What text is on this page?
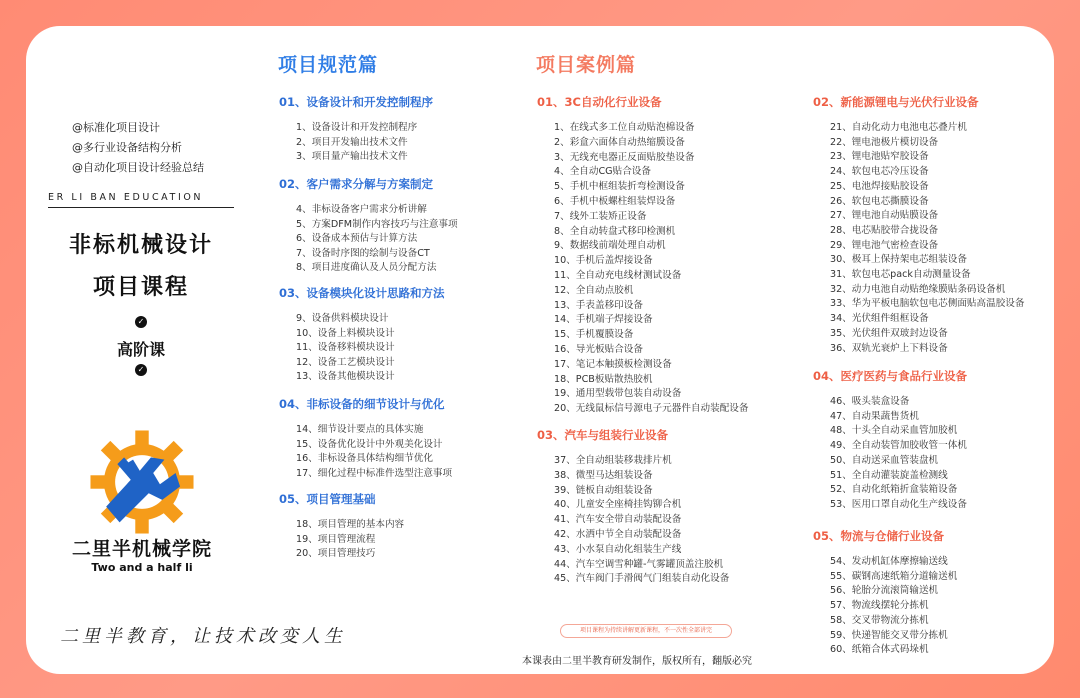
@标准化项目设计
@多行业设备结构分析
@自动化项目设计经验总结
ER LI BAN EDUCATION
非标机械设计
项目课程
✓
高阶课
✓
二里半机械学院
Two and a half li
二里半教育，让技术改变人生
项目规范篇	项目案例篇
01、设备设计和开发控制程序
1、设备设计和开发控制程序
2、项目开发输出技术文件
3、项目量产输出技术文件
02、客户需求分解与方案制定
4、非标设备客户需求分析讲解
5、方案DFM制作内容技巧与注意事项
6、设备成本预估与计算方法
7、设备时序图的绘制与设备CT
8、项目进度确认及人员分配方法
03、设备模块化设计思路和方法
9、设备供料模块设计
10、设备上料模块设计
11、设备移料模块设计
12、设备工艺模块设计
13、设备其他模块设计
04、非标设备的细节设计与优化
14、细节设计要点的具体实施
15、设备优化设计中外观美化设计
16、非标设备具体结构细节优化
17、细化过程中标准件选型注意事项
05、项目管理基础
18、项目管理的基本内容
19、项目管理流程
20、项目管理技巧
01、3C自动化行业设备
1、在线式多工位自动贴泡棉设备
2、彩盒六面体自动热缩膜设备
3、无线充电器正反面贴胶垫设备
4、全自动CG贴合设备
5、手机中框组装折弯检测设备
6、手机中板螺柱组装焊设备
7、线外工装矫正设备
8、全自动转盘式移印检测机
9、数据线前端处理自动机
10、手机后盖焊接设备
11、全自动充电线材测试设备
12、全自动点胶机
13、手表盖移印设备
14、手机端子焊接设备
15、手机覆膜设备
16、导光板贴合设备
17、笔记本触摸板检测设备
18、PCB板贴散热胶机
19、通用型载带包装自动设备
20、无线鼠标信号源电子元器件自动装配设备
03、汽车与组装行业设备
37、全自动组装移栽排片机
38、微型马达组装设备
39、链板自动组装设备
40、儿童安全座椅挂钩铆合机
41、汽车安全带自动装配设备
42、水洒中节全自动装配设备
43、小水泵自动化组装生产线
44、汽车空调雪种罐-气雾罐顶盖注胶机
45、汽车阀门手滑阀气门组装自动化设备
02、新能源锂电与光伏行业设备
21、自动化动力电池电芯叠片机
22、锂电池极片模切设备
23、锂电池贴窄胶设备
24、软包电芯冷压设备
25、电池焊接贴胶设备
26、软包电芯撕膜设备
27、锂电池自动贴膜设备
28、电芯贴胶带合拢设备
29、锂电池气密检查设备
30、极耳上保持架电芯组装设备
31、软包电芯pack自动测量设备
32、动力电池自动贴绝缘膜贴条码设备机
33、华为平板电脑软包电芯侧面贴高温胶设备
34、光伏组件组框设备
35、光伏组件双玻封边设备
36、双轨光衰炉上下料设备
04、医疗医药与食品行业设备
46、吸头装盒设备
47、自动果蔬售货机
48、十头全自动采血管加胶机
49、全自动装管加胶收管一体机
50、自动送采血管装盘机
51、全自动灌装旋盖检测线
52、自动化纸箱折盒装箱设备
53、医用口罩自动化生产线设备
05、物流与仓储行业设备
54、发动机缸体摩擦输送线
55、碳钢高速纸箱分道输送机
56、轮胎分流滚筒输送机
57、物流线摆轮分拣机
58、交叉带物流分拣机
59、快递智能交叉带分拣机
60、纸箱合体式码垛机
项目课程为持续讲解更新课程，不一次性全部讲完
本课表由二里半教育研发制作，版权所有，翻版必究
